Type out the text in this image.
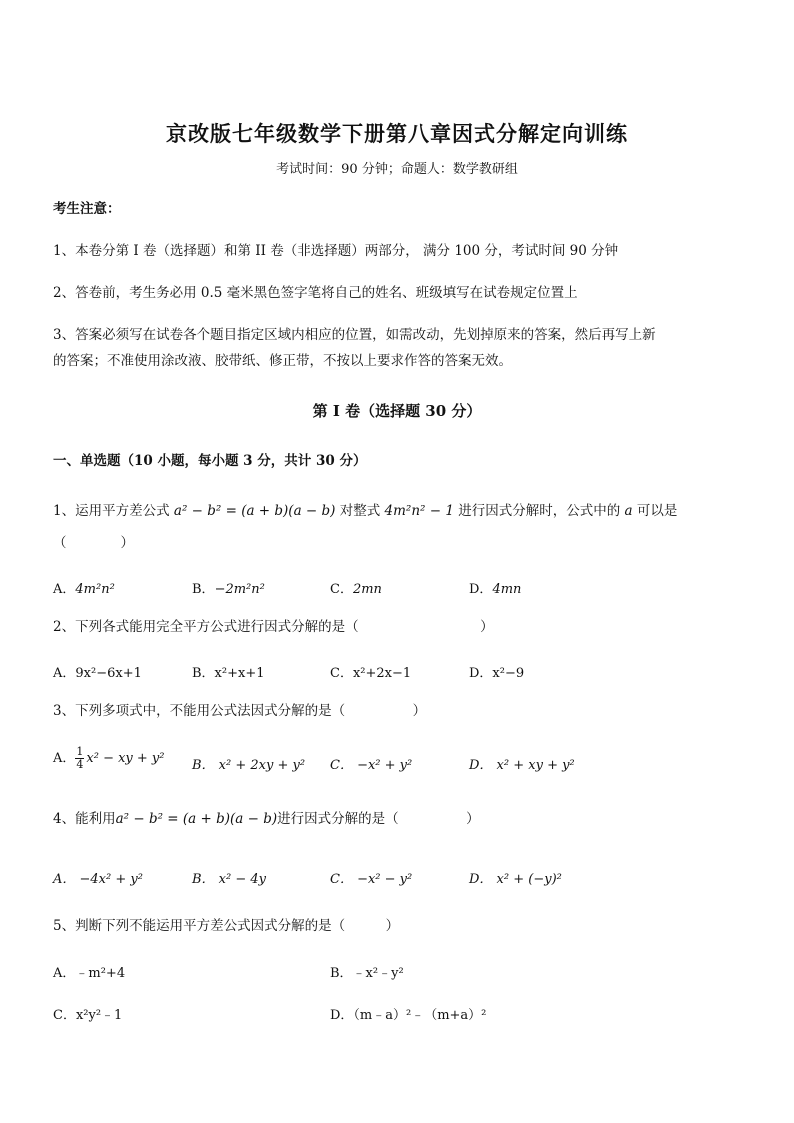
京改版七年级数学下册第八章因式分解定向训练
考试时间：90 分钟；命题人：数学教研组
考生注意：
1、本卷分第 I 卷（选择题）和第 II 卷（非选择题）两部分， 满分 100 分，考试时间 90 分钟
2、答卷前，考生务必用 0.5 毫米黑色签字笔将自己的姓名、班级填写在试卷规定位置上
3、答案必须写在试卷各个题目指定区域内相应的位置，如需改动，先划掉原来的答案，然后再写上新
的答案；不准使用涂改液、胶带纸、修正带，不按以上要求作答的答案无效。
第 I 卷（选择题 30 分）
一、单选题（10 小题，每小题 3 分，共计 30 分）
1、运用平方差公式 a² − b² = (a + b)(a − b) 对整式 4m²n² − 1 进行因式分解时，公式中的 a 可以是
（　　　　）
A．4m²n²	B．−2m²n²	C．2mn	D．4mn
2、下列各式能用完全平方公式进行因式分解的是（　　　　　　　　　）
A．9x²−6x+1	B．x²+x+1	C．x²+2x−1	D．x²−9
3、下列多项式中，不能用公式法因式分解的是（　　　　　）
A． $\frac{1}{4} x^2$ − xy + y² B． x² + 2xy + y² C． −x² + y²	D． x² + xy + y²
4、能利用a² − b² = (a + b)(a − b)进行因式分解的是（　　　　　）
A． −4x² + y²	B． x² − 4y	C． −x² − y²	D． x² + (−y)²
5、判断下列不能运用平方差公式因式分解的是（　　　）
A．﹣m²+4	B．﹣x²﹣y²
C．x²y²﹣1	D．（m﹣a）²﹣（m+a）²
